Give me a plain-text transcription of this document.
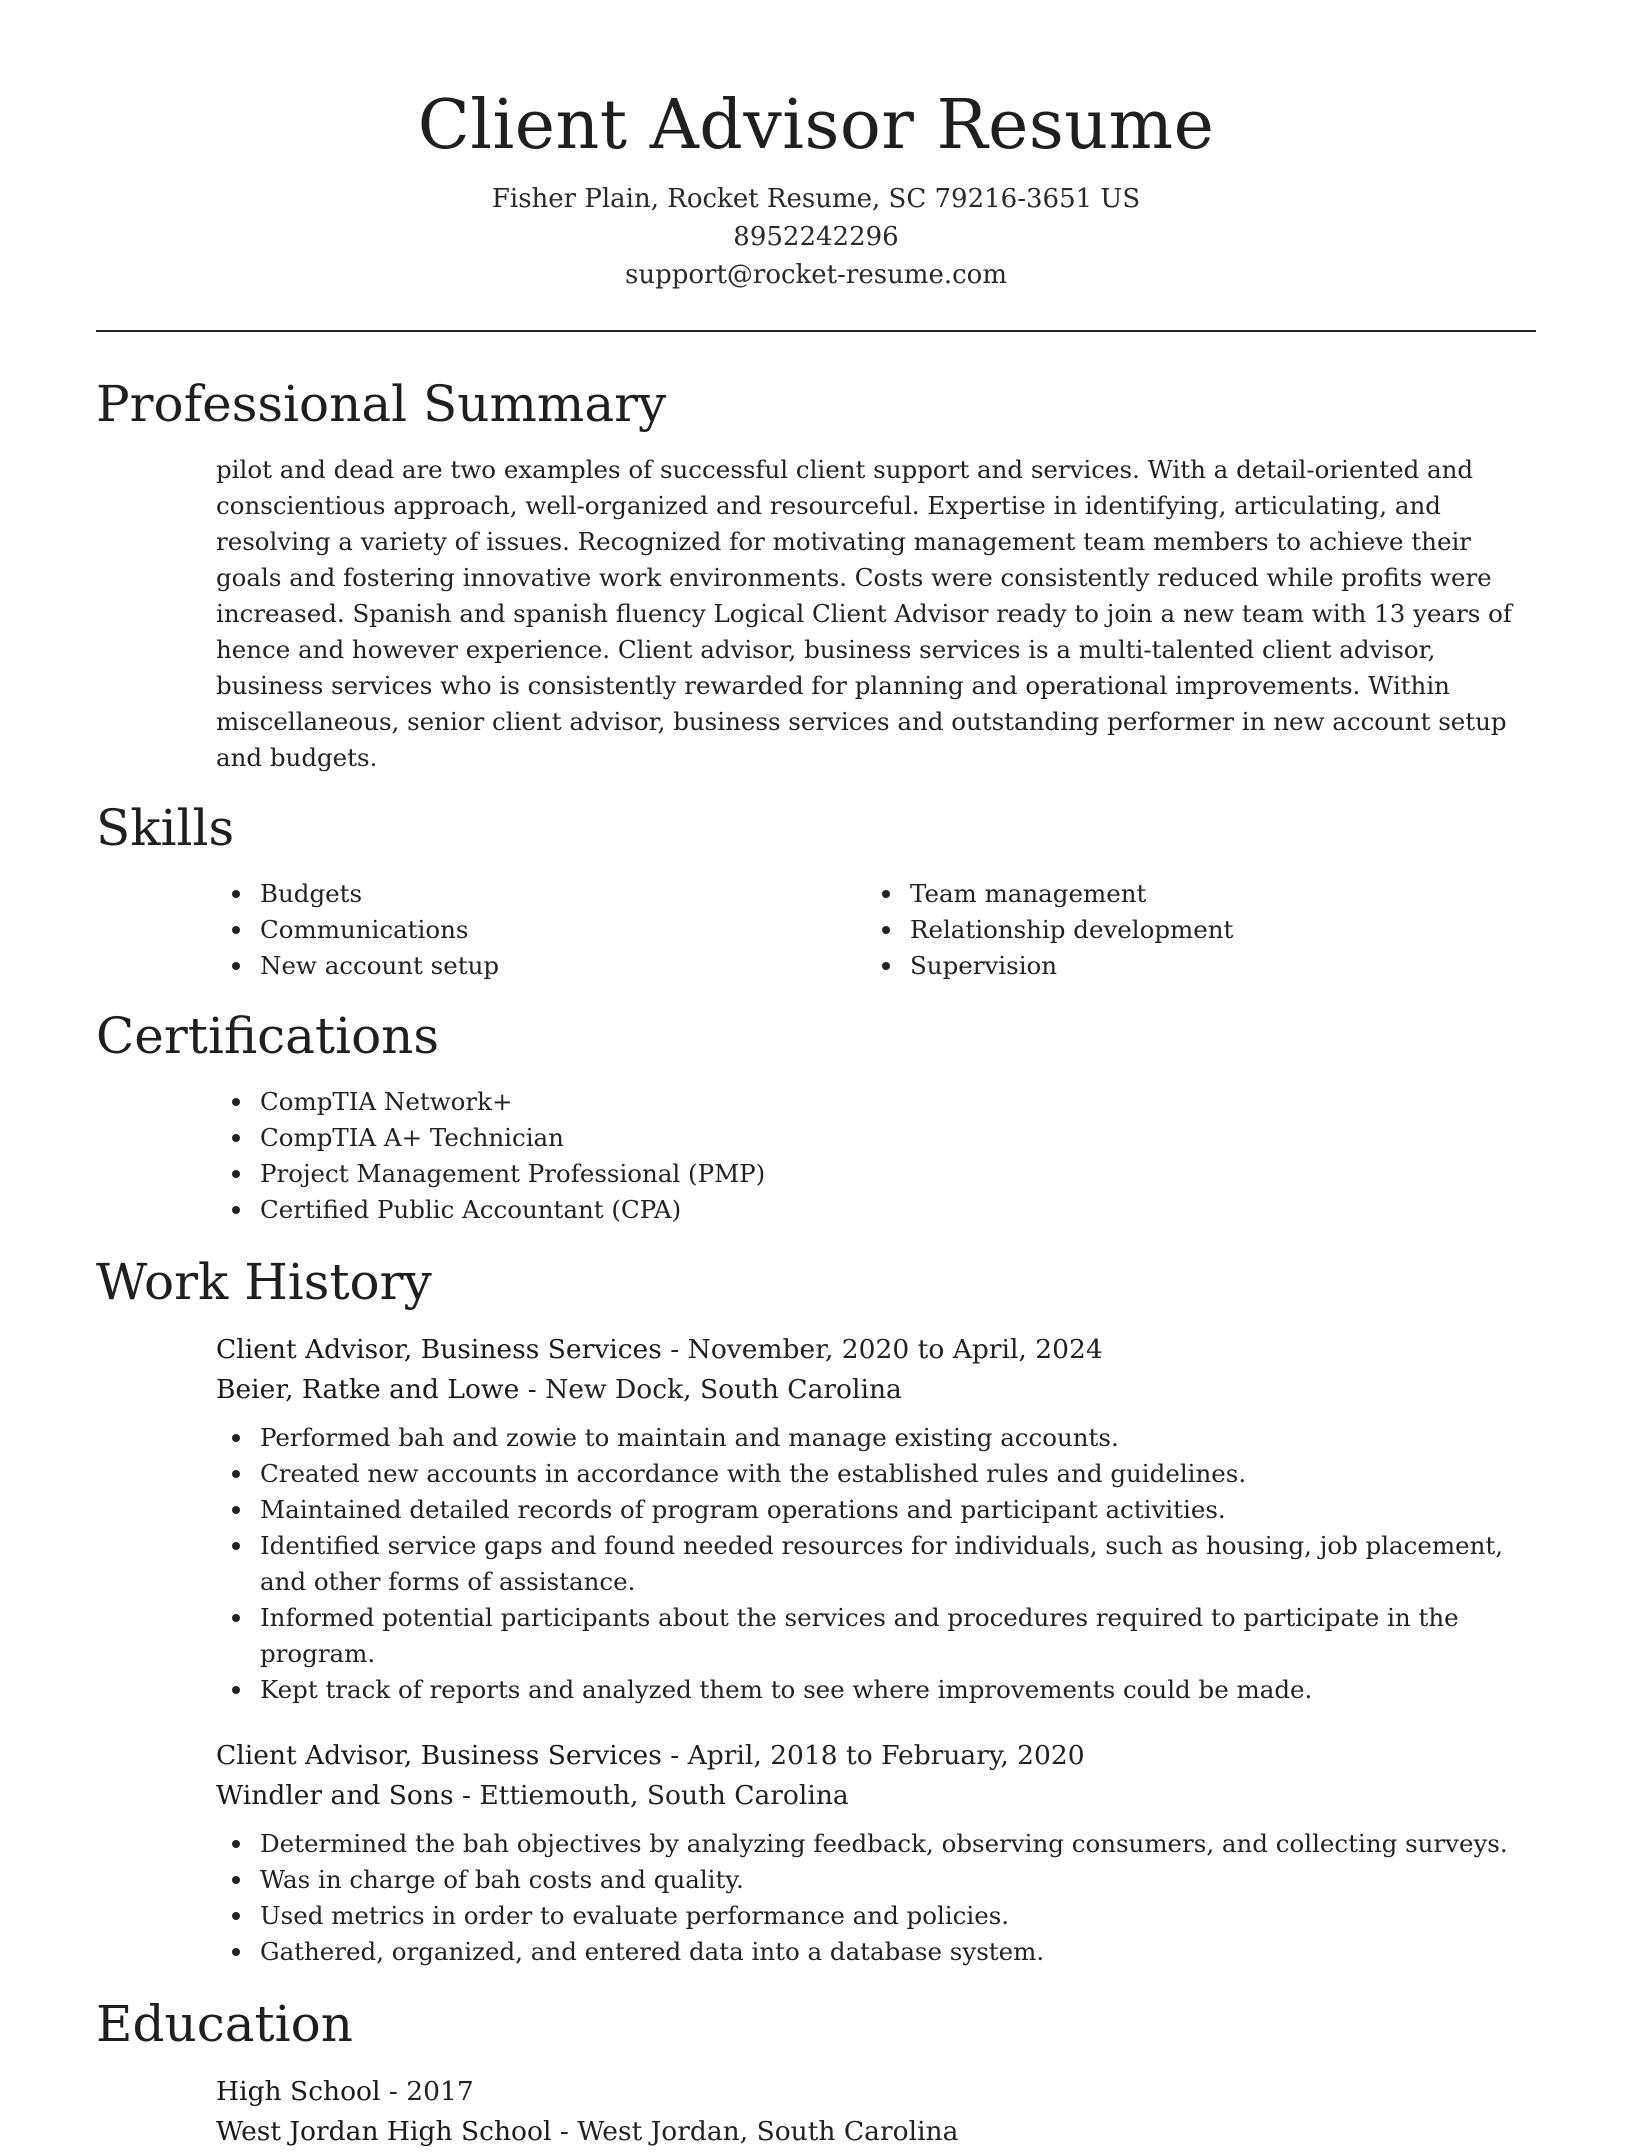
Client Advisor Resume
Fisher Plain, Rocket Resume, SC 79216-3651 US
8952242296
support@rocket-resume.com
Professional Summary

pilot and dead are two examples of successful client support and services. With a detail-oriented and conscientious approach, well-organized and resourceful. Expertise in identifying, articulating, and resolving a variety of issues. Recognized for motivating management team members to achieve their goals and fostering innovative work environments. Costs were consistently reduced while profits were increased. Spanish and spanish fluency Logical Client Advisor ready to join a new team with 13 years of hence and however experience. Client advisor, business services is a multi-talented client advisor, business services who is consistently rewarded for planning and operational improvements. Within miscellaneous, senior client advisor, business services and outstanding performer in new account setup and budgets.

Skills
Budgets
Communications
New account setup
Team management
Relationship development
Supervision
Certifications
CompTIA Network+
CompTIA A+ Technician
Project Management Professional (PMP)
Certified Public Accountant (CPA)
Work History
Client Advisor, Business Services - November, 2020 to April, 2024
Beier, Ratke and Lowe - New Dock, South Carolina
Performed bah and zowie to maintain and manage existing accounts.
Created new accounts in accordance with the established rules and guidelines.
Maintained detailed records of program operations and participant activities.
Identified service gaps and found needed resources for individuals, such as housing, job placement, and other forms of assistance.
Informed potential participants about the services and procedures required to participate in the program.
Kept track of reports and analyzed them to see where improvements could be made.
Client Advisor, Business Services - April, 2018 to February, 2020
Windler and Sons - Ettiemouth, South Carolina
Determined the bah objectives by analyzing feedback, observing consumers, and collecting surveys.
Was in charge of bah costs and quality.
Used metrics in order to evaluate performance and policies.
Gathered, organized, and entered data into a database system.
Education
High School - 2017
West Jordan High School - West Jordan, South Carolina
